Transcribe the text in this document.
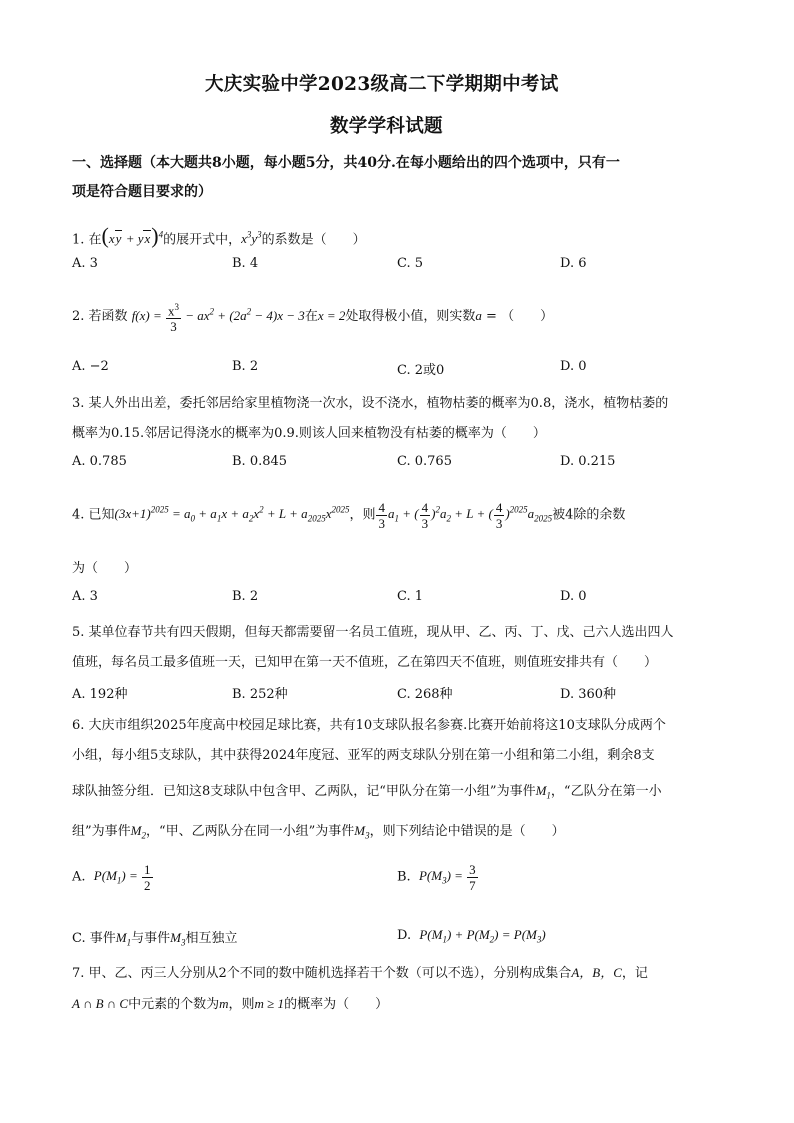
大庆实验中学2023级高二下学期期中考试
数学学科试题
一、选择题（本大题共8小题，每小题5分，共40分.在每小题给出的四个选项中，只有一
项是符合题目要求的）
1. 在(xy + yx)$^4$的展开式中，$x^3y^3$的系数是（　　）
A. 3	B. 4	C. 5	D. 6
2. 若函数 $f(x) = \frac{x^3}{3} - ax^2 + (2a^2 - 4)x - 3$在x = 2处取得极小值，则实数a = （　　）
A. −2	B. 2	C. 2或0	D. 0
3. 某人外出出差，委托邻居给家里植物浇一次水，设不浇水，植物枯萎的概率为0.8，浇水，植物枯萎的
概率为0.15.邻居记得浇水的概率为0.9.则该人回来植物没有枯萎的概率为（　　）
A. 0.785	B. 0.845	C. 0.765	D. 0.215
4. 已知$(3x+1)^{2025} = a_0 + a_1x + a_2x^2 + L + a_{2025}x^{2025}$，则 $\frac{4}{3} a_1$ + ( $\frac{4}{3} )^2a_2 + L$ + ( $\frac{4}{3} )^{2025}a_{2025}$被4除的余数
为（　　）
A. 3	B. 2	C. 1	D. 0
5. 某单位春节共有四天假期，但每天都需要留一名员工值班，现从甲、乙、丙、丁、戊、己六人选出四人
值班，每名员工最多值班一天，已知甲在第一天不值班，乙在第四天不值班，则值班安排共有（　　）
A. 192种	B. 252种	C. 268种	D. 360种
6. 大庆市组织2025年度高中校园足球比赛，共有10支球队报名参赛.比赛开始前将这10支球队分成两个
小组，每小组5支球队，其中获得2024年度冠、亚军的两支球队分别在第一小组和第二小组，剩余8支
球队抽签分组．已知这8支球队中包含甲、乙两队，记“甲队分在第一小组”为事件$M_1$，“乙队分在第一小
组”为事件$M_2$，“甲、乙两队分在同一小组”为事件$M_3$，则下列结论中错误的是（　　）
A. $P(M_1) = \frac{1}{2}$	B. $P(M_3) = \frac{3}{7}$
C. 事件$M_1$与事件$M_3$相互独立	D. $P(M_1) + P(M_2) = P(M_3)$
7. 甲、乙、丙三人分别从2个不同的数中随机选择若干个数（可以不选），分别构成集合A，B，C，记
A ∩ B ∩ C中元素的个数为m，则m ≥ 1的概率为（　　）
